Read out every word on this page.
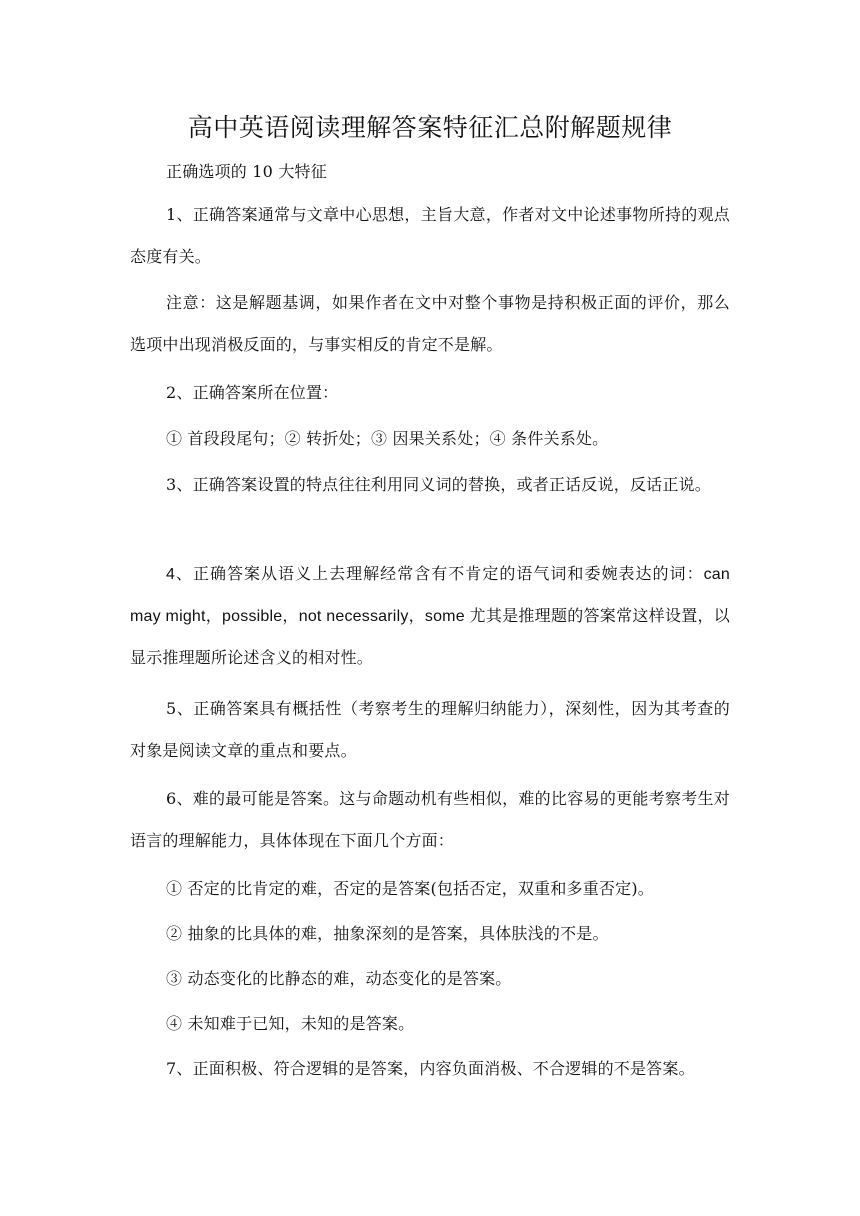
高中英语阅读理解答案特征汇总附解题规律
正确选项的 10 大特征
1、正确答案通常与文章中心思想，主旨大意，作者对文中论述事物所持的观点态度有关。
注意：这是解题基调，如果作者在文中对整个事物是持积极正面的评价，那么选项中出现消极反面的，与事实相反的肯定不是解。
2、正确答案所在位置：
① 首段段尾句；② 转折处；③ 因果关系处；④ 条件关系处。
3、正确答案设置的特点往往利用同义词的替换，或者正话反说，反话正说。
4、正确答案从语义上去理解经常含有不肯定的语气词和委婉表达的词：can may might，possible，not necessarily，some 尤其是推理题的答案常这样设置，以显示推理题所论述含义的相对性。
5、正确答案具有概括性（考察考生的理解归纳能力），深刻性，因为其考查的对象是阅读文章的重点和要点。
6、难的最可能是答案。这与命题动机有些相似，难的比容易的更能考察考生对语言的理解能力，具体体现在下面几个方面：
① 否定的比肯定的难，否定的是答案(包括否定，双重和多重否定)。
② 抽象的比具体的难，抽象深刻的是答案，具体肤浅的不是。
③ 动态变化的比静态的难，动态变化的是答案。
④ 未知难于已知，未知的是答案。
7、正面积极、符合逻辑的是答案，内容负面消极、不合逻辑的不是答案。
